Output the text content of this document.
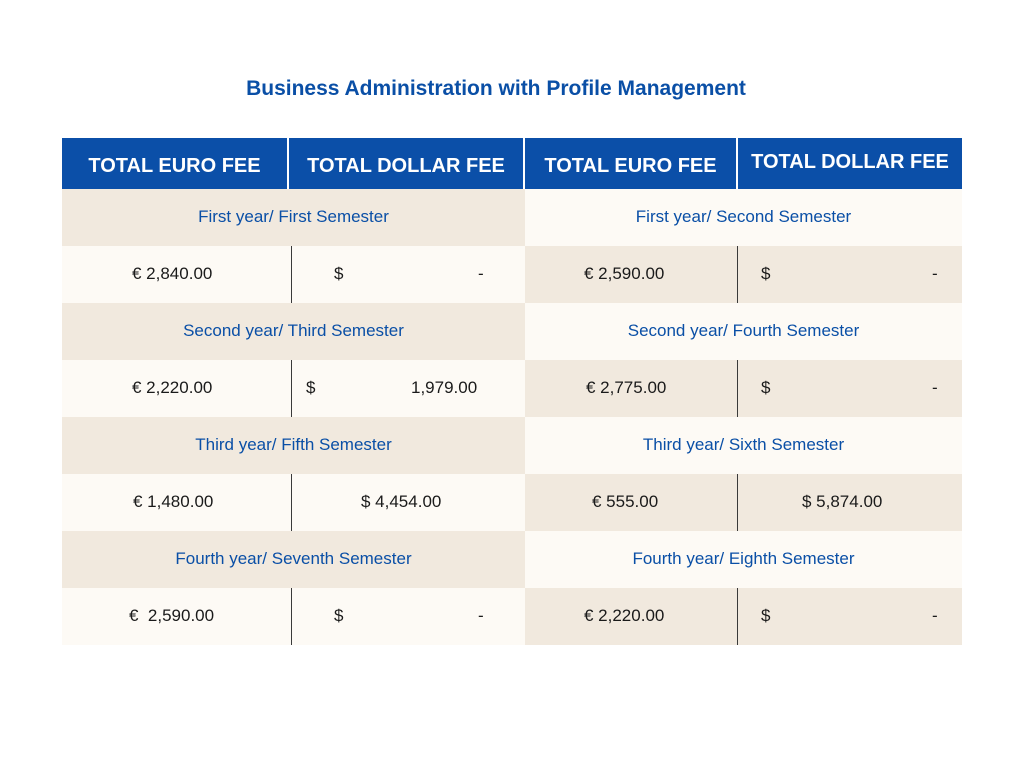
Business Administration with Profile Management
TOTAL EURO FEE	TOTAL DOLLAR FEE	TOTAL EURO FEE	TOTAL DOLLAR FEE
First year/ First Semester	First year/ Second Semester
€ 2,840.00	$	-	€ 2,590.00	$	-
Second year/ Third Semester	Second year/ Fourth Semester
€ 2,220.00	$	1,979.00	€ 2,775.00	$	-
Third year/ Fifth Semester	Third year/ Sixth Semester
€ 1,480.00	$ 4,454.00	€ 555.00	$ 5,874.00
Fourth year/ Seventh Semester	Fourth year/ Eighth Semester
€  2,590.00	$	-	€ 2,220.00	$	-
